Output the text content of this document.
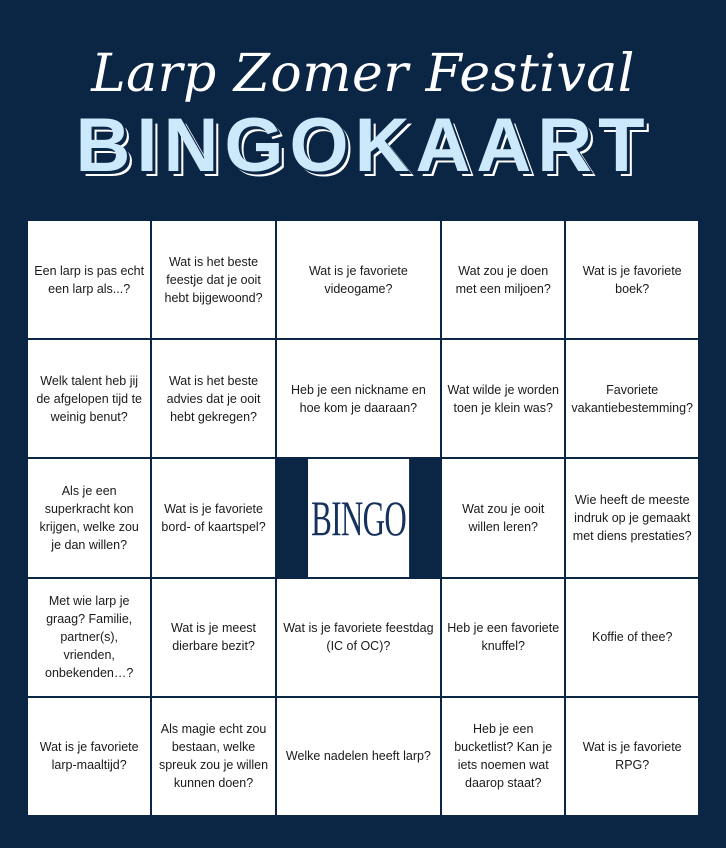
Larp Zomer Festival
BINGOKAART
Een larp is pas echt een larp als...?
Wat is het beste feestje dat je ooit hebt bijgewoond?
Wat is je favoriete videogame?
Wat zou je doen met een miljoen?
Wat is je favoriete boek?
Welk talent heb jij de afgelopen tijd te weinig benut?
Wat is het beste advies dat je ooit hebt gekregen?
Heb je een nickname en hoe kom je daaraan?
Wat wilde je worden toen je klein was?
Favoriete vakantiebestemming?
Als je een superkracht kon krijgen, welke zou je dan willen?
Wat is je favoriete bord- of kaartspel? BINGO	Wat zou je ooit willen leren?
Wie heeft de meeste indruk op je gemaakt met diens prestaties?
Met wie larp je graag? Familie, partner(s), vrienden, onbekenden…?
Wat is je meest dierbare bezit?
Wat is je favoriete feestdag (IC of OC)?
Heb je een favoriete knuffel?
Koffie of thee?
Wat is je favoriete larp-maaltijd?
Als magie echt zou bestaan, welke spreuk zou je willen kunnen doen?
Welke nadelen heeft larp?
Heb je een bucketlist? Kan je iets noemen wat daarop staat?
Wat is je favoriete RPG?
